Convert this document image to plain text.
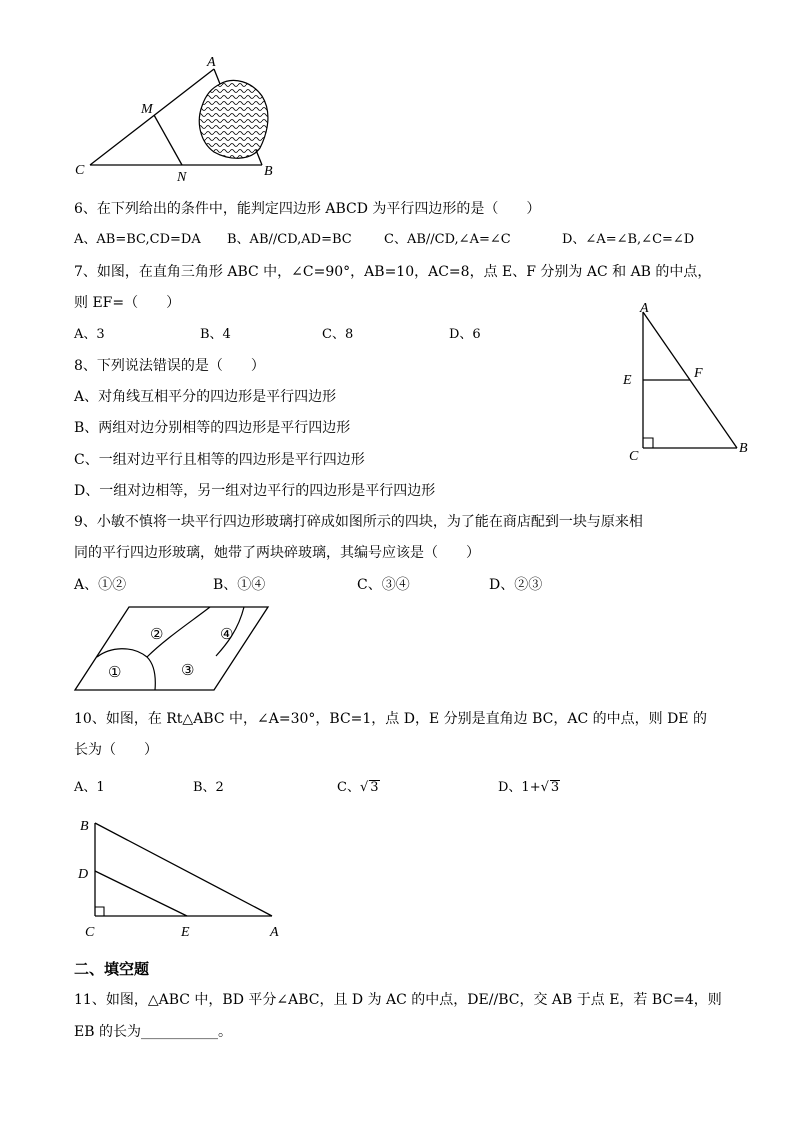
A
M
C	N	B
6、在下列给出的条件中，能判定四边形 ABCD 为平行四边形的是（　　）
A、AB=BC,CD=DA B、AB//CD,AD=BC C、AB//CD,∠A=∠C	D、∠A=∠B,∠C=∠D
7、如图，在直角三角形 ABC 中，∠C=90°，AB=10，AC=8，点 E、F 分别为 AC 和 AB 的中点，
则 EF=（　　）
A、3	B、4	C、8	D、6
A
E	F
C
B
8、下列说法错误的是（　　）
A、对角线互相平分的四边形是平行四边形
B、两组对边分别相等的四边形是平行四边形
C、一组对边平行且相等的四边形是平行四边形
D、一组对边相等，另一组对边平行的四边形是平行四边形
9、小敏不慎将一块平行四边形玻璃打碎成如图所示的四块，为了能在商店配到一块与原来相
同的平行四边形玻璃，她带了两块碎玻璃，其编号应该是（　　）
A、①②	B、①④	C、③④	D、②③
①
②
③
④
10、如图，在 Rt△ABC 中，∠A=30°，BC=1，点 D，E 分别是直角边 BC，AC 的中点，则 DE 的
长为（　　）
A、1	B、2	C、√ 3	D、1+√ 3
B
D
C	E	A
二、填空题
11、如图，△ABC 中，BD 平分∠ABC，且 D 为 AC 的中点，DE//BC，交 AB 于点 E，若 BC=4，则
EB 的长为___________。
